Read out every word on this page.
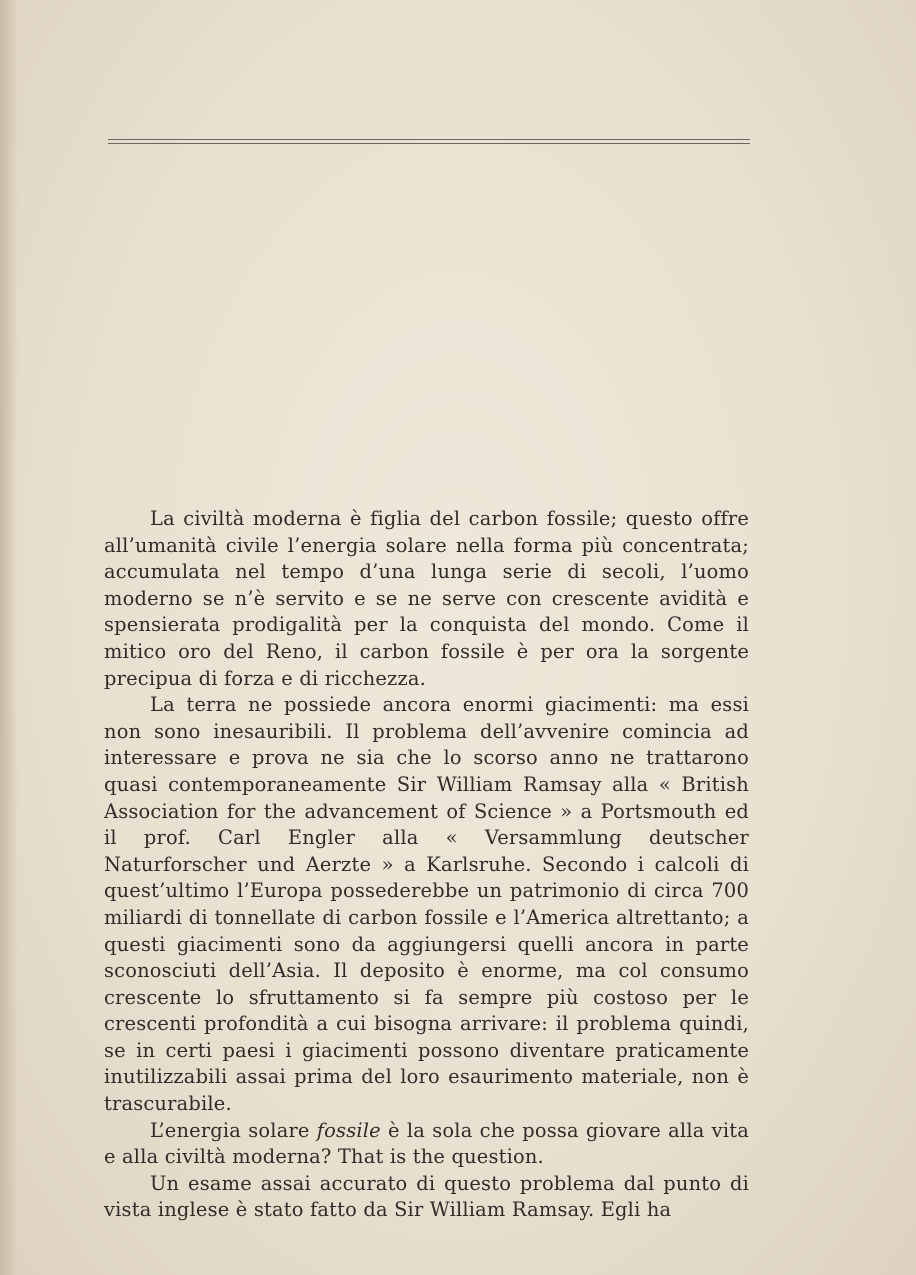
La civiltà moderna è figlia del carbon fossile; questo offre all’umanità civile l’energia solare nella forma più concentrata; accumulata nel tempo d’una lunga serie di secoli, l’uomo moderno se n’è servito e se ne serve con crescente avidità e spensierata prodigalità per la conquista del mondo. Come il mitico oro del Reno, il carbon fossile è per ora la sorgente precipua di forza e di ricchezza.

La terra ne possiede ancora enormi giacimenti: ma essi non sono inesauribili. Il problema dell’avvenire comincia ad interessare e prova ne sia che lo scorso anno ne trattarono quasi contemporaneamente Sir William Ramsay alla « British Association for the advancement of Science » a Portsmouth ed il prof. Carl Engler alla « Versammlung deutscher Naturforscher und Aerzte » a Karlsruhe. Secondo i calcoli di quest’ultimo l’Europa possederebbe un patrimonio di circa 700 miliardi di tonnellate di carbon fossile e l’America altrettanto; a questi giacimenti sono da aggiungersi quelli ancora in parte sconosciuti dell’Asia. Il deposito è enorme, ma col consumo crescente lo sfruttamento si fa sempre più costoso per le crescenti profondità a cui bisogna arrivare: il problema quindi, se in certi paesi i giacimenti possono diventare praticamente inutilizzabili assai prima del loro esaurimento materiale, non è trascurabile.

L’energia solare fossile è la sola che possa giovare alla vita e alla civiltà moderna? That is the question.

Un esame assai accurato di questo problema dal punto di vista inglese è stato fatto da Sir William Ramsay. Egli ha
